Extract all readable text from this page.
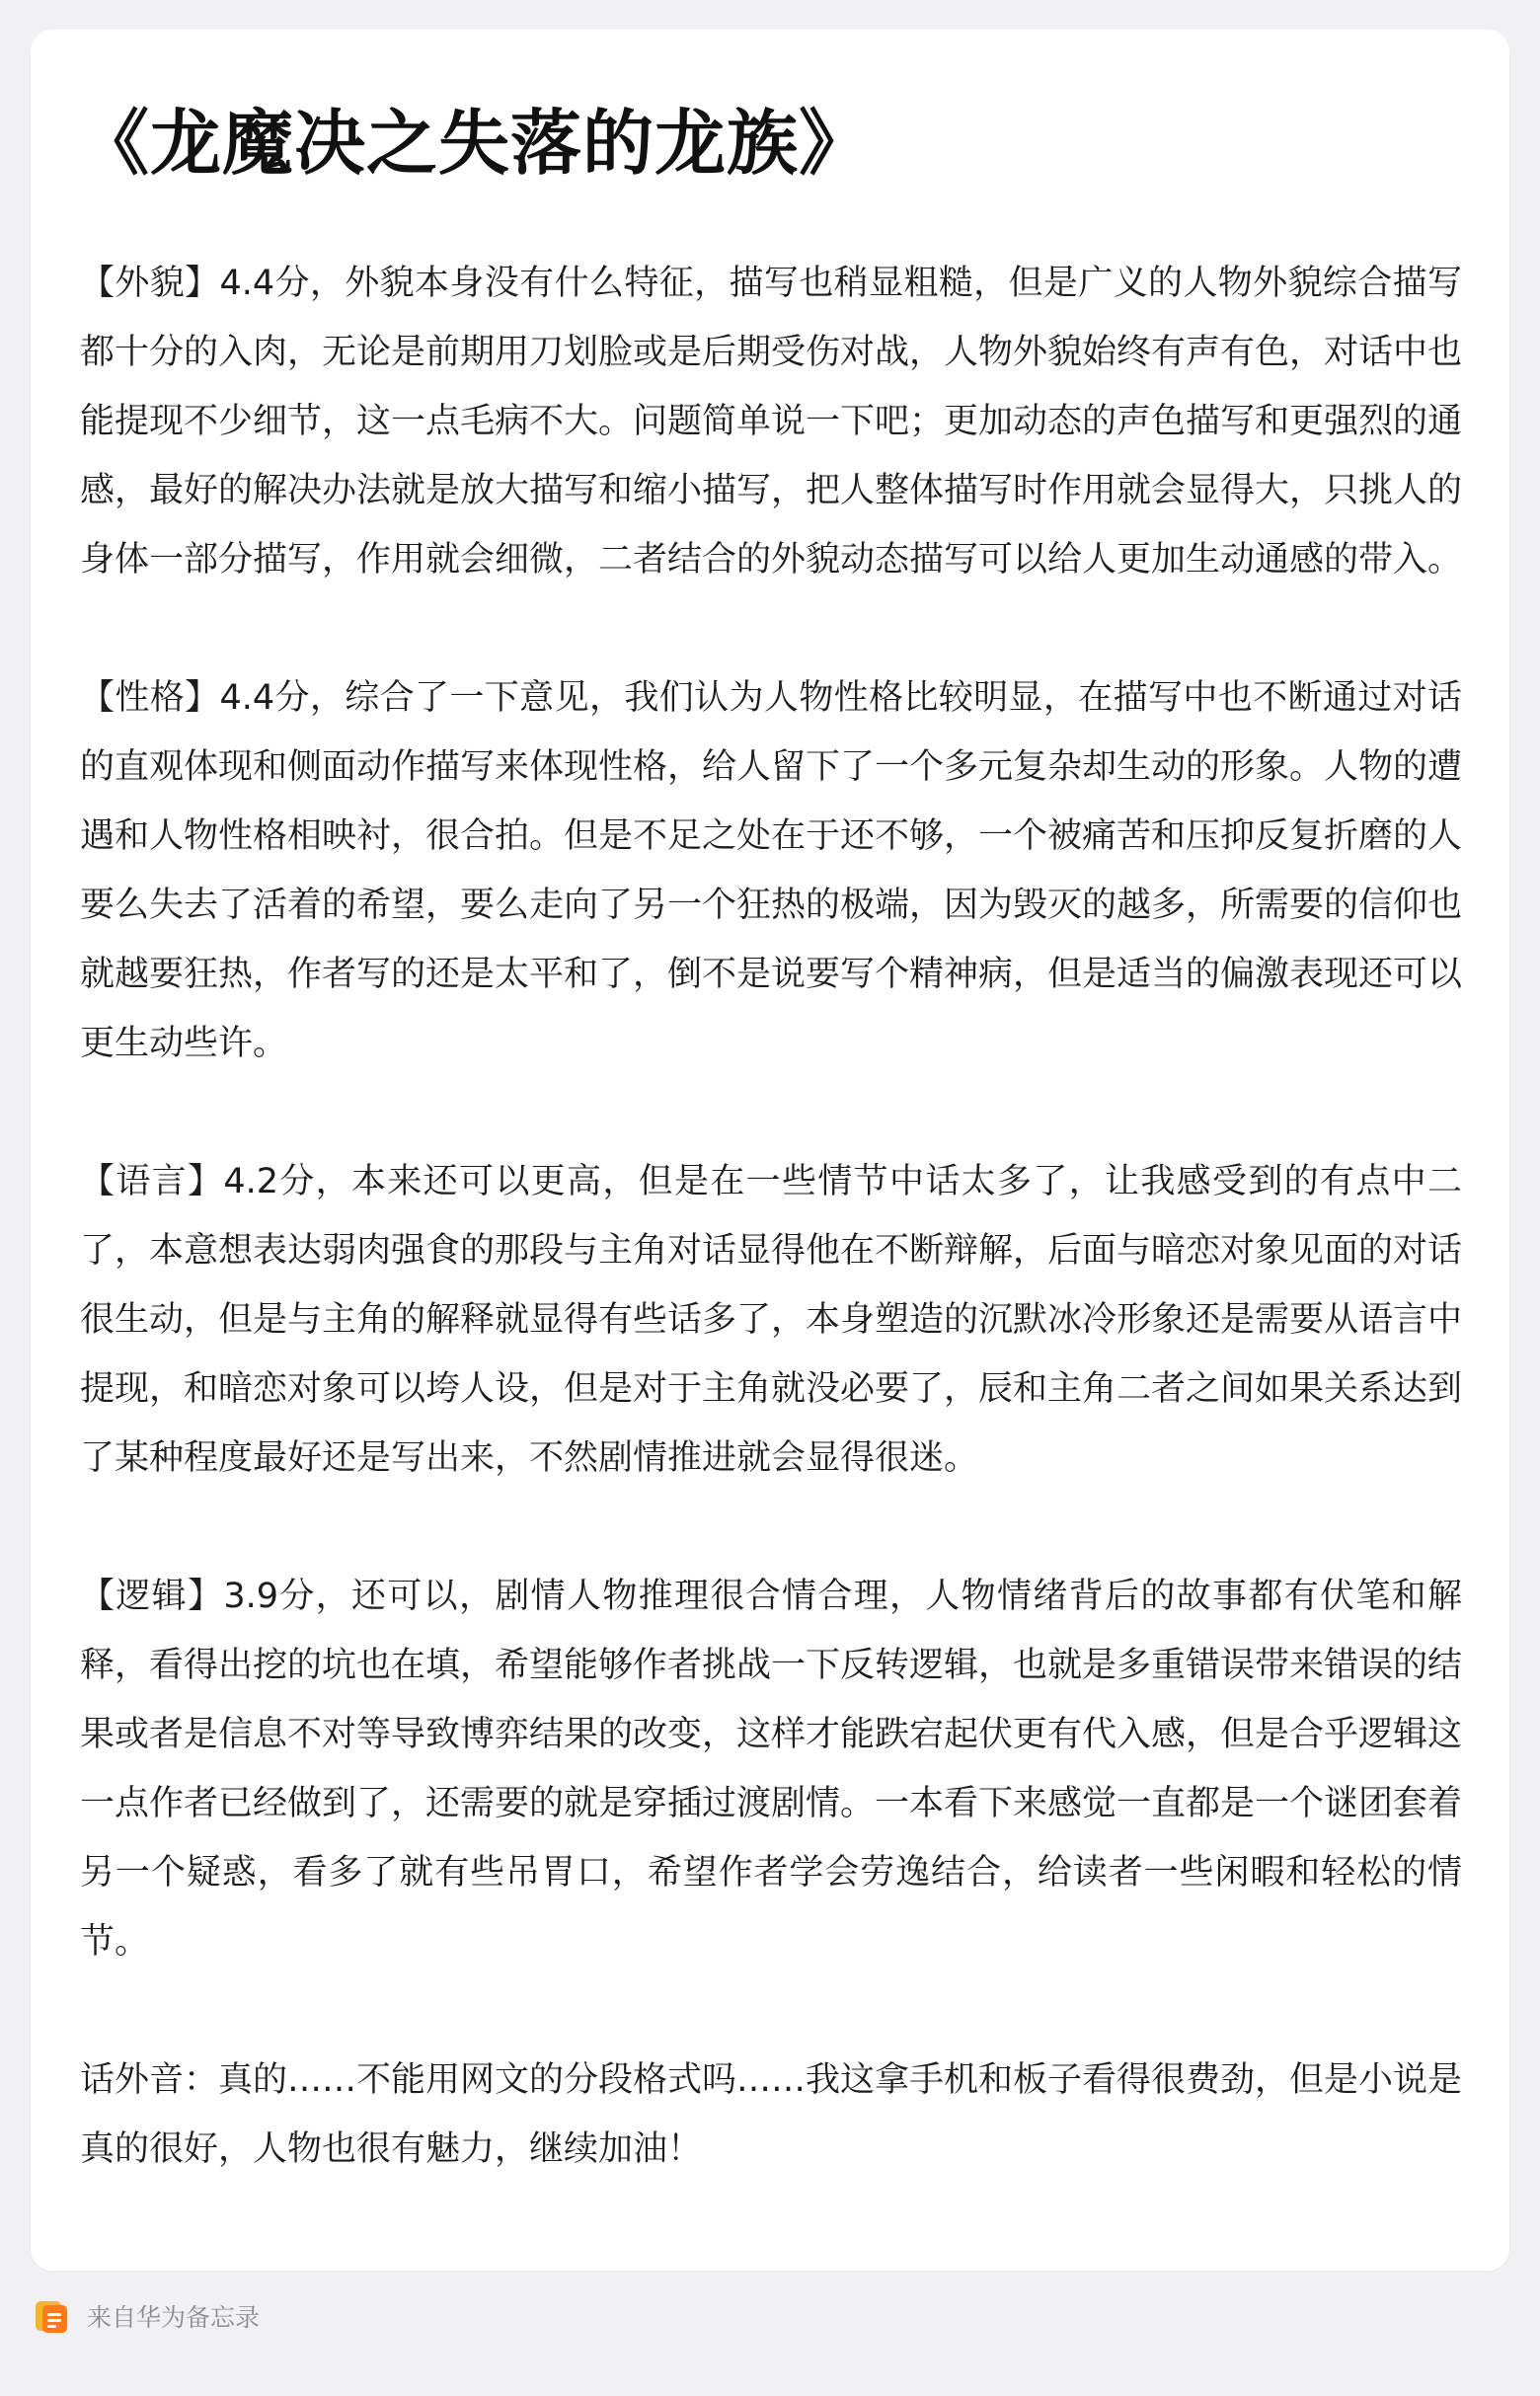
《龙魔决之失落的龙族》

【外貌】4.4分，外貌本身没有什么特征，描写也稍显粗糙，但是广义的人物外貌综合描写都十分的入肉，无论是前期用刀划脸或是后期受伤对战，人物外貌始终有声有色，对话中也能提现不少细节，这一点毛病不大。问题简单说一下吧；更加动态的声色描写和更强烈的通感，最好的解决办法就是放大描写和缩小描写，把人整体描写时作用就会显得大，只挑人的身体一部分描写，作用就会细微，二者结合的外貌动态描写可以给人更加生动通感的带入。

【性格】4.4分，综合了一下意见，我们认为人物性格比较明显，在描写中也不断通过对话的直观体现和侧面动作描写来体现性格，给人留下了一个多元复杂却生动的形象。人物的遭遇和人物性格相映衬，很合拍。但是不足之处在于还不够，一个被痛苦和压抑反复折磨的人要么失去了活着的希望，要么走向了另一个狂热的极端，因为毁灭的越多，所需要的信仰也就越要狂热，作者写的还是太平和了，倒不是说要写个精神病，但是适当的偏激表现还可以更生动些许。

【语言】4.2分，本来还可以更高，但是在一些情节中话太多了，让我感受到的有点中二了，本意想表达弱肉强食的那段与主角对话显得他在不断辩解，后面与暗恋对象见面的对话很生动，但是与主角的解释就显得有些话多了，本身塑造的沉默冰冷形象还是需要从语言中提现，和暗恋对象可以垮人设，但是对于主角就没必要了，辰和主角二者之间如果关系达到了某种程度最好还是写出来，不然剧情推进就会显得很迷。

【逻辑】3.9分，还可以，剧情人物推理很合情合理，人物情绪背后的故事都有伏笔和解释，看得出挖的坑也在填，希望能够作者挑战一下反转逻辑，也就是多重错误带来错误的结果或者是信息不对等导致博弈结果的改变，这样才能跌宕起伏更有代入感，但是合乎逻辑这一点作者已经做到了，还需要的就是穿插过渡剧情。一本看下来感觉一直都是一个谜团套着另一个疑惑，看多了就有些吊胃口，希望作者学会劳逸结合，给读者一些闲暇和轻松的情节。

话外音：真的……不能用网文的分段格式吗……我这拿手机和板子看得很费劲，但是小说是真的很好，人物也很有魅力，继续加油！

来自华为备忘录
